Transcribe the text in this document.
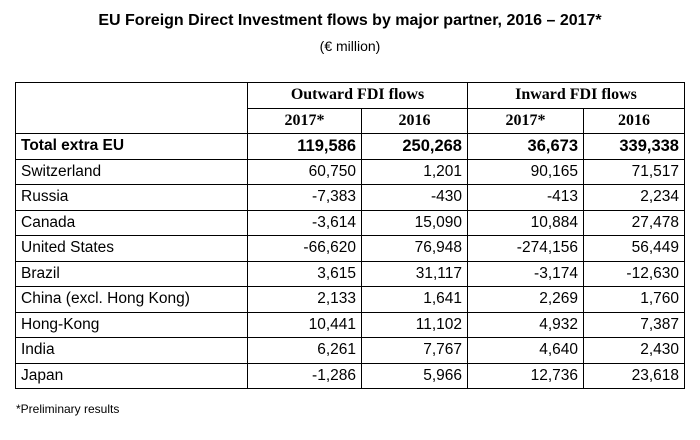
EU Foreign Direct Investment flows by major partner, 2016 – 2017*
(€ million)
	Outward FDI flows		Inward FDI flows	
	2017*	2016	2017*	2016
Total extra EU	119,586	250,268	36,673	339,338
Switzerland	60,750	1,201	90,165	71,517
Russia	-7,383	-430	-413	2,234
Canada	-3,614	15,090	10,884	27,478
United States	-66,620	76,948	-274,156	56,449
Brazil	3,615	31,117	-3,174	-12,630
China (excl. Hong Kong)	2,133	1,641	2,269	1,760
Hong-Kong	10,441	11,102	4,932	7,387
India	6,261	7,767	4,640	2,430
Japan	-1,286	5,966	12,736	23,618
*Preliminary results
